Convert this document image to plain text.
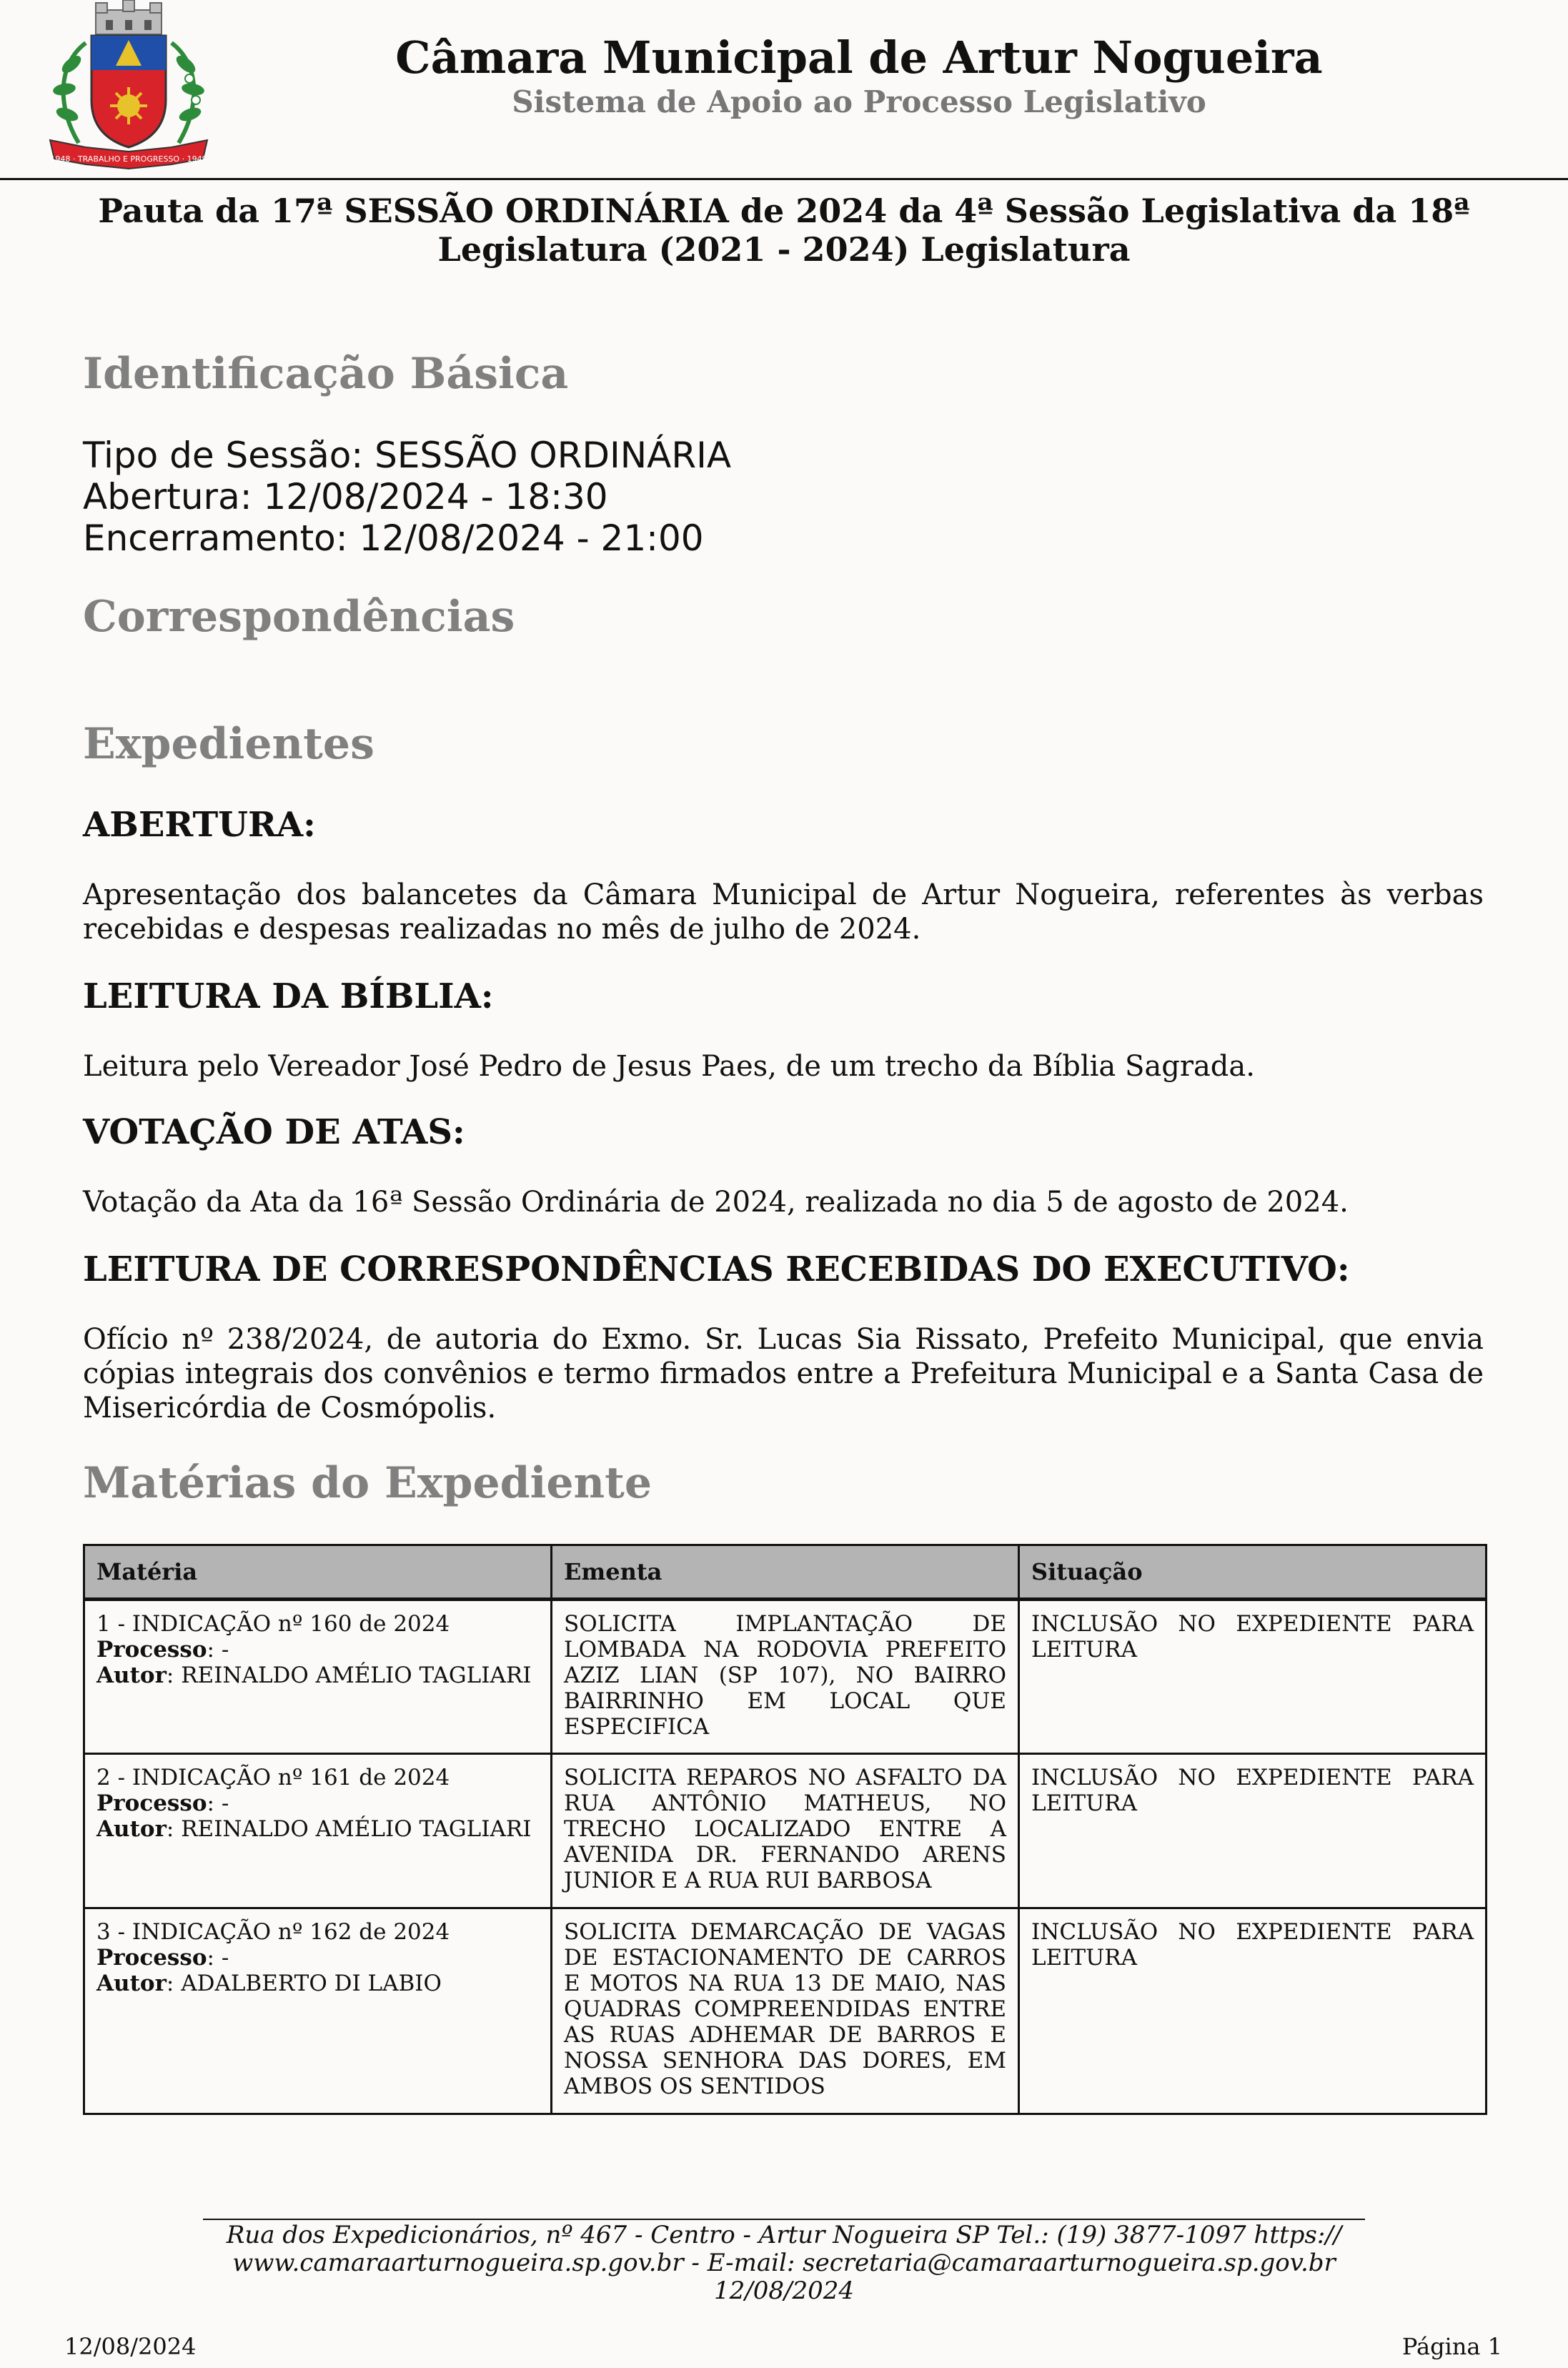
1948 · TRABALHO E PROGRESSO · 1949
Câmara Municipal de Artur Nogueira
Sistema de Apoio ao Processo Legislativo
Pauta da 17ª SESSÃO ORDINÁRIA de 2024 da 4ª Sessão Legislativa da 18ª
Legislatura (2021 - 2024) Legislatura
Identificação Básica
Tipo de Sessão: SESSÃO ORDINÁRIA
Abertura: 12/08/2024 - 18:30
Encerramento: 12/08/2024 - 21:00
Correspondências
Expedientes
ABERTURA:
Apresentação dos balancetes da Câmara Municipal de Artur Nogueira, referentes às verbas recebidas e despesas realizadas no mês de julho de 2024.
LEITURA DA BÍBLIA:
Leitura pelo Vereador José Pedro de Jesus Paes, de um trecho da Bíblia Sagrada.
VOTAÇÃO DE ATAS:
Votação da Ata da 16ª Sessão Ordinária de 2024, realizada no dia 5 de agosto de 2024.
LEITURA DE CORRESPONDÊNCIAS RECEBIDAS DO EXECUTIVO:
Ofício nº 238/2024, de autoria do Exmo. Sr. Lucas Sia Rissato, Prefeito Municipal, que envia cópias integrais dos convênios e termo firmados entre a Prefeitura Municipal e a Santa Casa de Misericórdia de Cosmópolis.
Matérias do Expediente
Matéria	Ementa	Situação

1 - INDICAÇÃO nº 160 de 2024
Processo: -
Autor: REINALDO AMÉLIO TAGLIARI	SOLICITA IMPLANTAÇÃO DE LOMBADA NA RODOVIA PREFEITO AZIZ LIAN (SP 107), NO BAIRRO BAIRRINHO EM LOCAL QUE ESPECIFICA	INCLUSÃO NO EXPEDIENTE PARA LEITURA

2 - INDICAÇÃO nº 161 de 2024
Processo: -
Autor: REINALDO AMÉLIO TAGLIARI	SOLICITA REPAROS NO ASFALTO DA RUA ANTÔNIO MATHEUS, NO TRECHO LOCALIZADO ENTRE A AVENIDA DR. FERNANDO ARENS JUNIOR E A RUA RUI BARBOSA	INCLUSÃO NO EXPEDIENTE PARA LEITURA

3 - INDICAÇÃO nº 162 de 2024
Processo: -
Autor: ADALBERTO DI LABIO	SOLICITA DEMARCAÇÃO DE VAGAS DE ESTACIONAMENTO DE CARROS E MOTOS NA RUA 13 DE MAIO, NAS QUADRAS COMPREENDIDAS ENTRE AS RUAS ADHEMAR DE BARROS E NOSSA SENHORA DAS DORES, EM AMBOS OS SENTIDOS	INCLUSÃO NO EXPEDIENTE PARA LEITURA
Rua dos Expedicionários, nº 467 - Centro - Artur Nogueira SP Tel.: (19) 3877-1097 https://
www.camaraarturnogueira.sp.gov.br - E-mail: secretaria@camaraarturnogueira.sp.gov.br
12/08/2024
12/08/2024	Página 1
